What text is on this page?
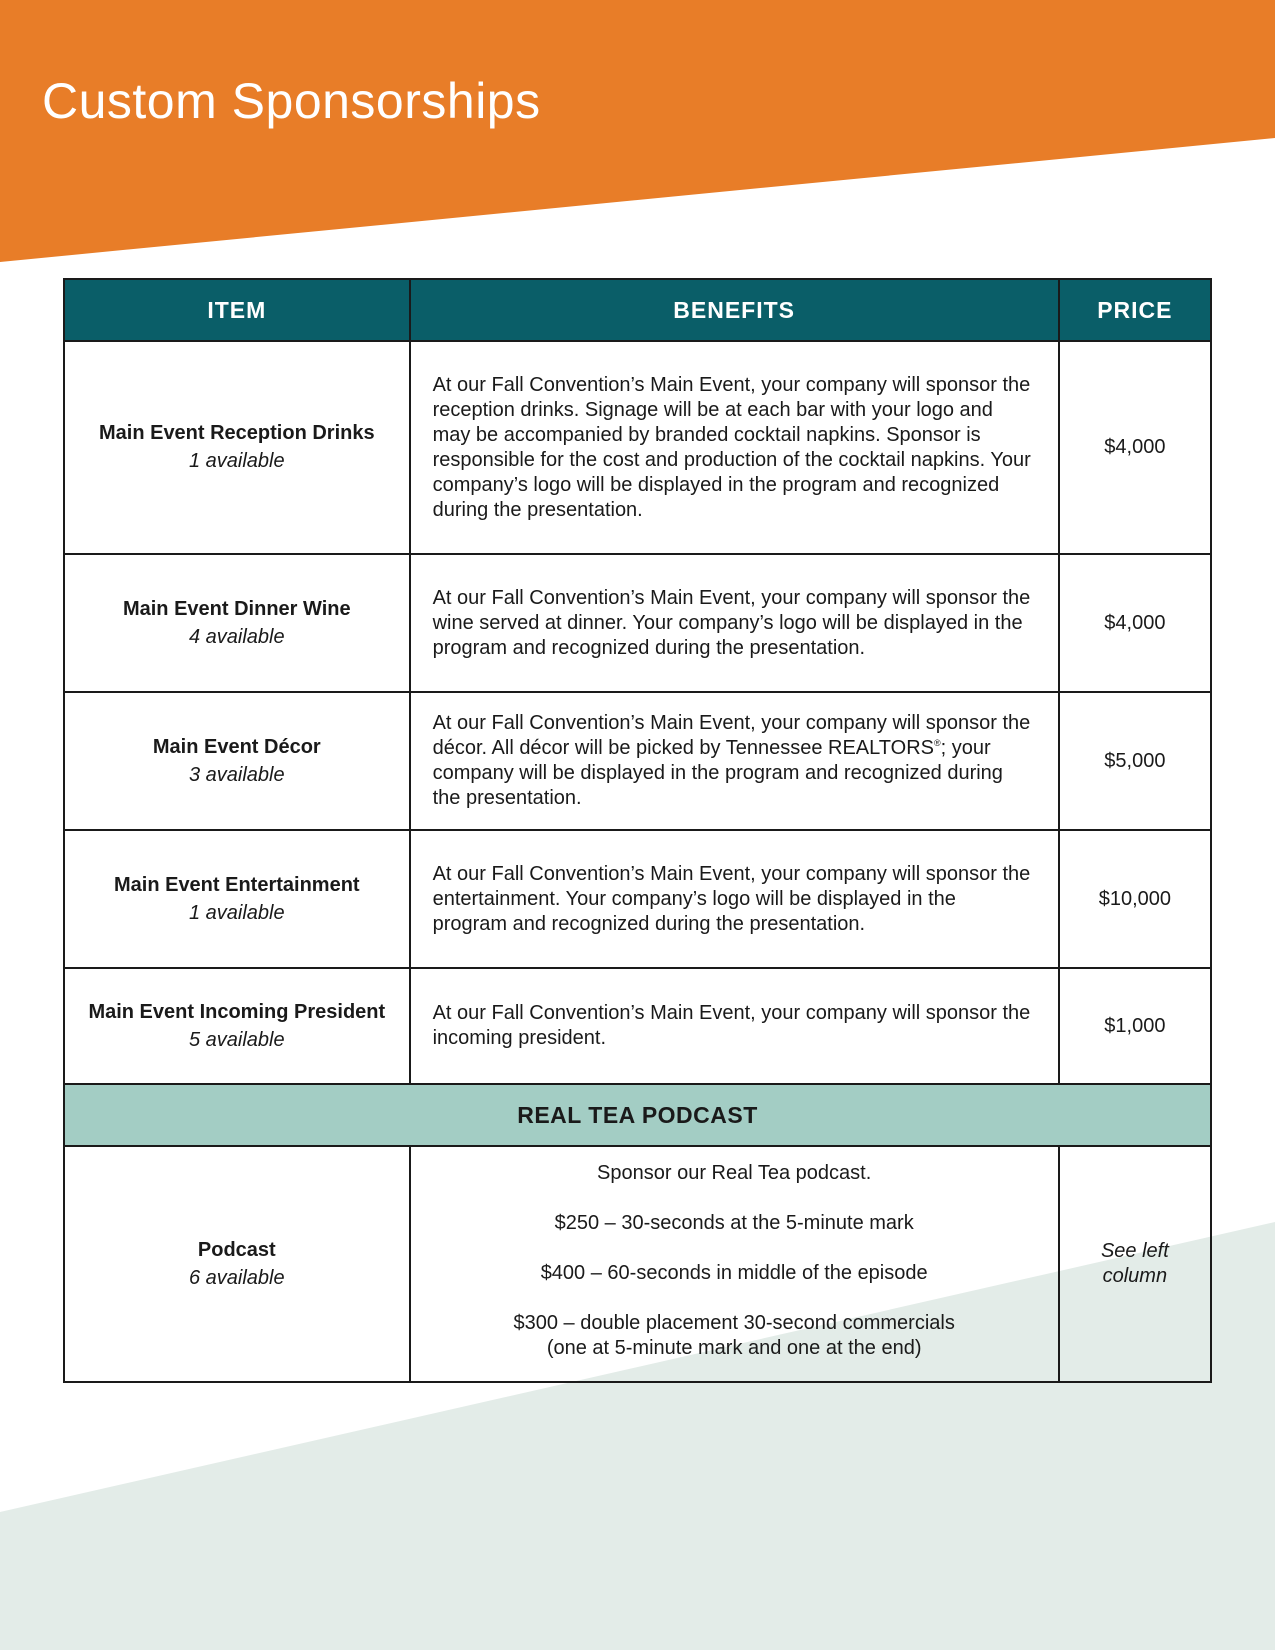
Custom Sponsorships
ITEM	BENEFITS	PRICE

Main Event Reception Drinks
1 available	At our Fall Convention’s Main Event, your company will sponsor the reception drinks. Signage will be at each bar with your logo and may be accompanied by branded cocktail napkins. Sponsor is responsible for the cost and production of the cocktail napkins. Your company’s logo will be displayed in the program and recognized during the presentation.	$4,000

Main Event Dinner Wine
4 available	At our Fall Convention’s Main Event, your company will sponsor the wine served at dinner. Your company’s logo will be displayed in the program and recognized during the presentation.	$4,000

Main Event Décor
3 available	At our Fall Convention’s Main Event, your company will sponsor the décor. All décor will be picked by Tennessee REALTORS®; your company will be displayed in the program and recognized during the presentation.	$5,000

Main Event Entertainment
1 available	At our Fall Convention’s Main Event, your company will sponsor the entertainment. Your company’s logo will be displayed in the program and recognized during the presentation.	$10,000

Main Event Incoming President
5 available	At our Fall Convention’s Main Event, your company will sponsor the incoming president.	$1,000
REAL TEA PODCAST		

Podcast
6 available	Sponsor our Real Tea podcast.
$250 – 30-seconds at the 5-minute mark
$400 – 60-seconds in middle of the episode
$300 – double placement 30-second commercials
(one at 5-minute mark and one at the end)	See left column
